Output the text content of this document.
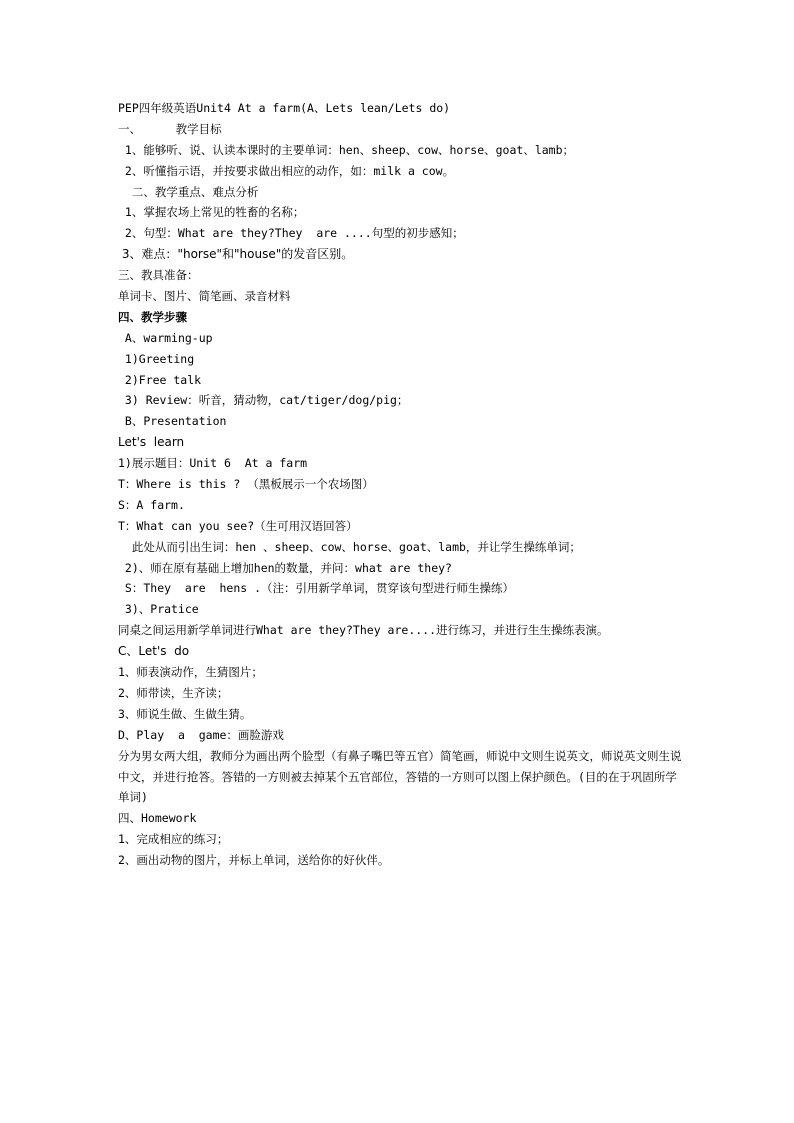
PEP四年级英语Unit4 At a farm(A、Lets lean/Lets do)
一、     教学目标
1、能够听、说、认读本课时的主要单词：hen、sheep、cow、horse、goat、lamb；
2、听懂指示语，并按要求做出相应的动作，如：milk a cow。
二、教学重点、难点分析
1、掌握农场上常见的牲畜的名称；
2、句型：What are they?They  are ....句型的初步感知；
3、难点："horse"和"house"的发音区别。
三、教具准备：
单词卡、图片、简笔画、录音材料
四、教学步骤
A、warming-up
1)Greeting
2)Free talk
3) Review：听音，猜动物，cat/tiger/dog/pig；
B、Presentation
Let's  learn
1)展示题目：Unit 6  At a farm
T：Where is this ? （黑板展示一个农场图）
S：A farm.
T：What can you see?（生可用汉语回答）
此处从而引出生词：hen 、sheep、cow、horse、goat、lamb，并让学生操练单词；
2)、师在原有基础上增加hen的数量，并问：what are they?
S：They  are  hens .（注：引用新学单词，贯穿该句型进行师生操练）
3)、Pratice
同桌之间运用新学单词进行What are they?They are....进行练习，并进行生生操练表演。
C、Let's  do
1、师表演动作，生猜图片；
2、师带读，生齐读；
3、师说生做、生做生猜。
D、Play  a  game：画脸游戏
分为男女两大组，教师分为画出两个脸型（有鼻子嘴巴等五官）简笔画，师说中文则生说英文，师说英文则生说中文，并进行抢答。答错的一方则被去掉某个五官部位，答错的一方则可以图上保护颜色。(目的在于巩固所学单词)
四、Homework
1、完成相应的练习；
2、画出动物的图片，并标上单词，送给你的好伙伴。
